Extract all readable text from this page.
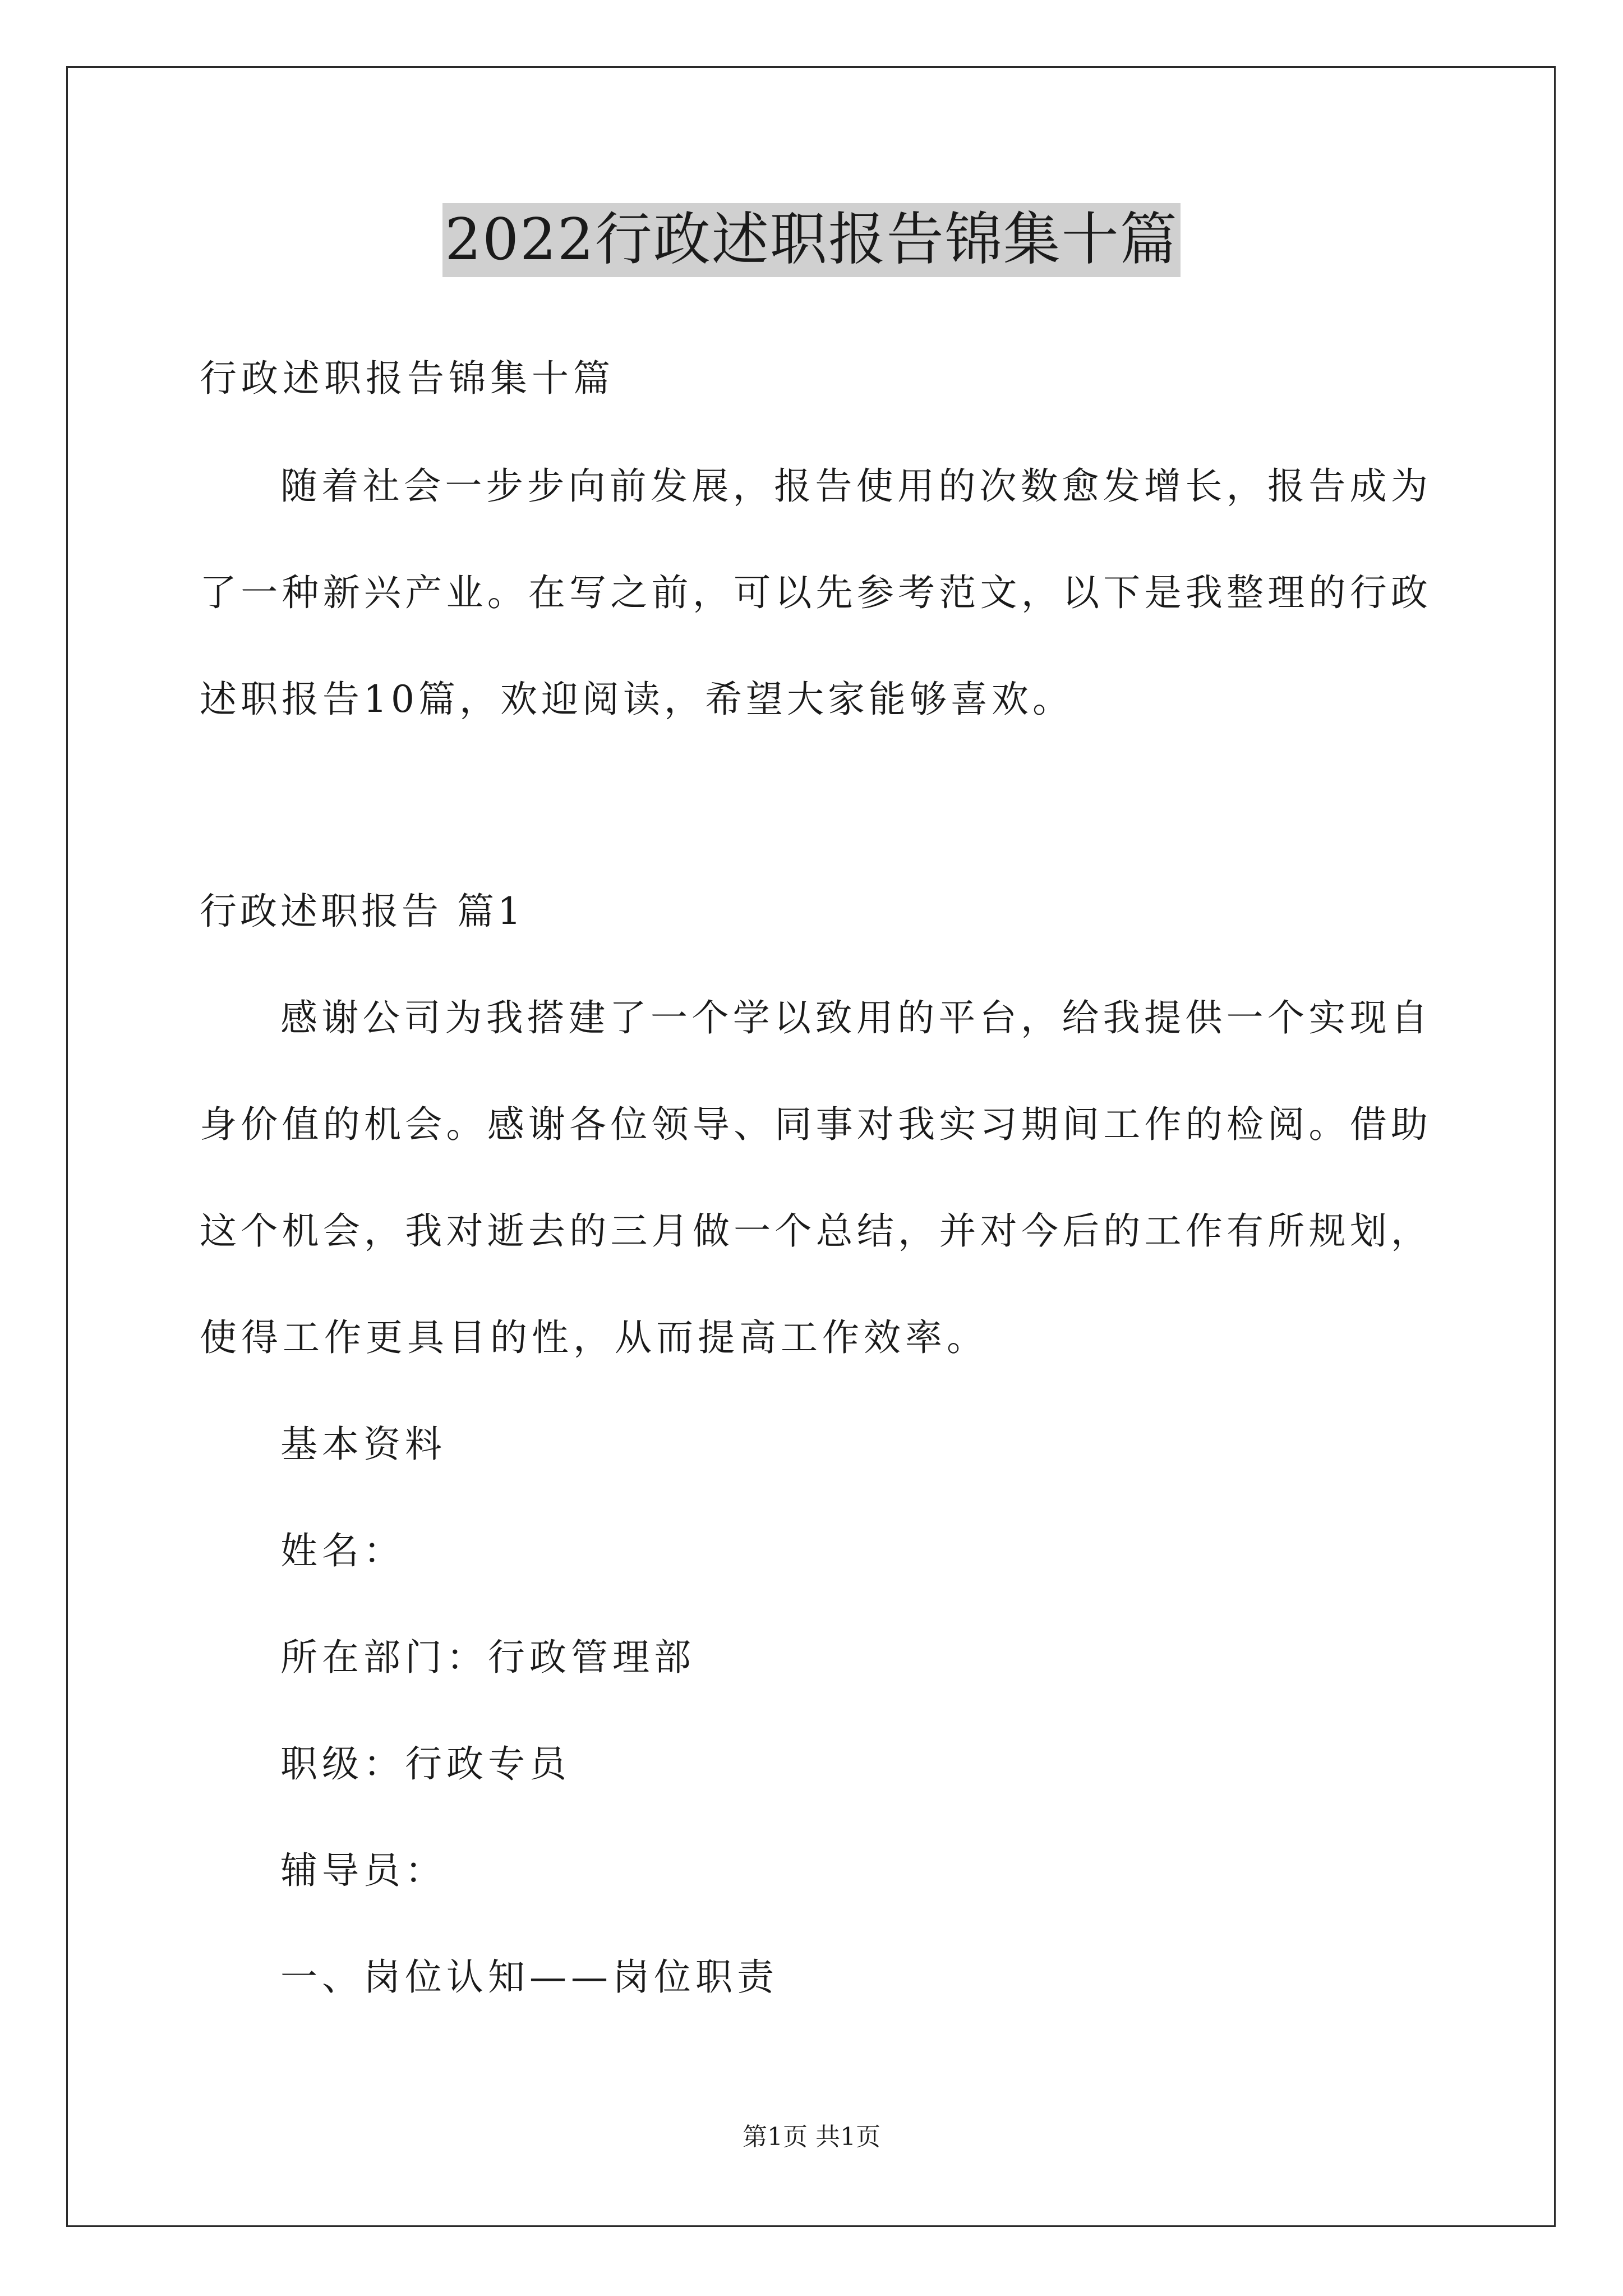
2022行政述职报告锦集十篇
行政述职报告锦集十篇
随着社会一步步向前发展，报告使用的次数愈发增长，报告成为
了一种新兴产业。在写之前，可以先参考范文，以下是我整理的行政
述职报告10篇，欢迎阅读，希望大家能够喜欢。
行政述职报告 篇1
感谢公司为我搭建了一个学以致用的平台，给我提供一个实现自
身价值的机会。感谢各位领导、同事对我实习期间工作的检阅。借助
这个机会，我对逝去的三月做一个总结，并对今后的工作有所规划，
使得工作更具目的性，从而提高工作效率。
基本资料
姓名：
所在部门：行政管理部
职级：行政专员
辅导员：
一、岗位认知——岗位职责
第1页 共1页
